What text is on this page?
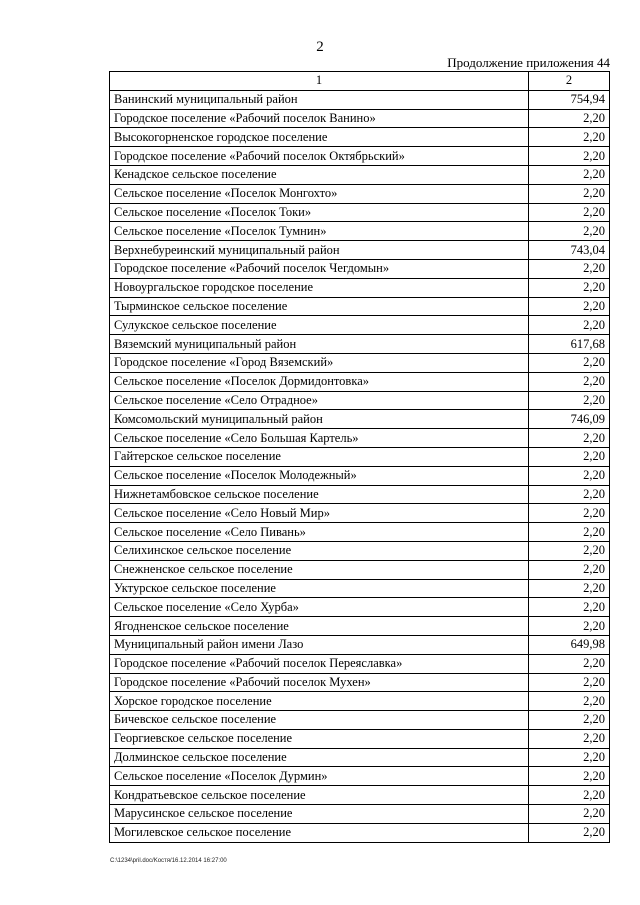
2
Продолжение приложения 44
1	2
Ванинский муниципальный район	754,94
Городское поселение «Рабочий поселок Ванино»	2,20
Высокогорненское городское поселение	2,20
Городское поселение «Рабочий поселок Октябрьский»	2,20
Кенадское сельское поселение	2,20
Сельское поселение «Поселок Монгохто»	2,20
Сельское поселение «Поселок Токи»	2,20
Сельское поселение «Поселок Тумнин»	2,20
Верхнебуреинский муниципальный район	743,04
Городское поселение «Рабочий поселок Чегдомын»	2,20
Новоургальское городское поселение	2,20
Тырминское сельское поселение	2,20
Сулукское сельское поселение	2,20
Вяземский муниципальный район	617,68
Городское поселение «Город Вяземский»	2,20
Сельское поселение «Поселок Дормидонтовка»	2,20
Сельское поселение «Село Отрадное»	2,20
Комсомольский муниципальный район	746,09
Сельское поселение «Село Большая Картель»	2,20
Гайтерское сельское поселение	2,20
Сельское поселение «Поселок Молодежный»	2,20
Нижнетамбовское сельское поселение	2,20
Сельское поселение «Село Новый Мир»	2,20
Сельское поселение «Село Пивань»	2,20
Селихинское сельское поселение	2,20
Снежненское сельское поселение	2,20
Уктурское сельское поселение	2,20
Сельское поселение «Село Хурба»	2,20
Ягодненское сельское поселение	2,20
Муниципальный район имени Лазо	649,98
Городское поселение «Рабочий поселок Переяславка»	2,20
Городское поселение «Рабочий поселок Мухен»	2,20
Хорское городское поселение	2,20
Бичевское сельское поселение	2,20
Георгиевское сельское поселение	2,20
Долминское сельское поселение	2,20
Сельское поселение «Поселок Дурмин»	2,20
Кондратьевское сельское поселение	2,20
Марусинское сельское поселение	2,20
Могилевское сельское поселение	2,20
C:\1234\pril.doc/Kocтя/16.12.2014 16:27:00
